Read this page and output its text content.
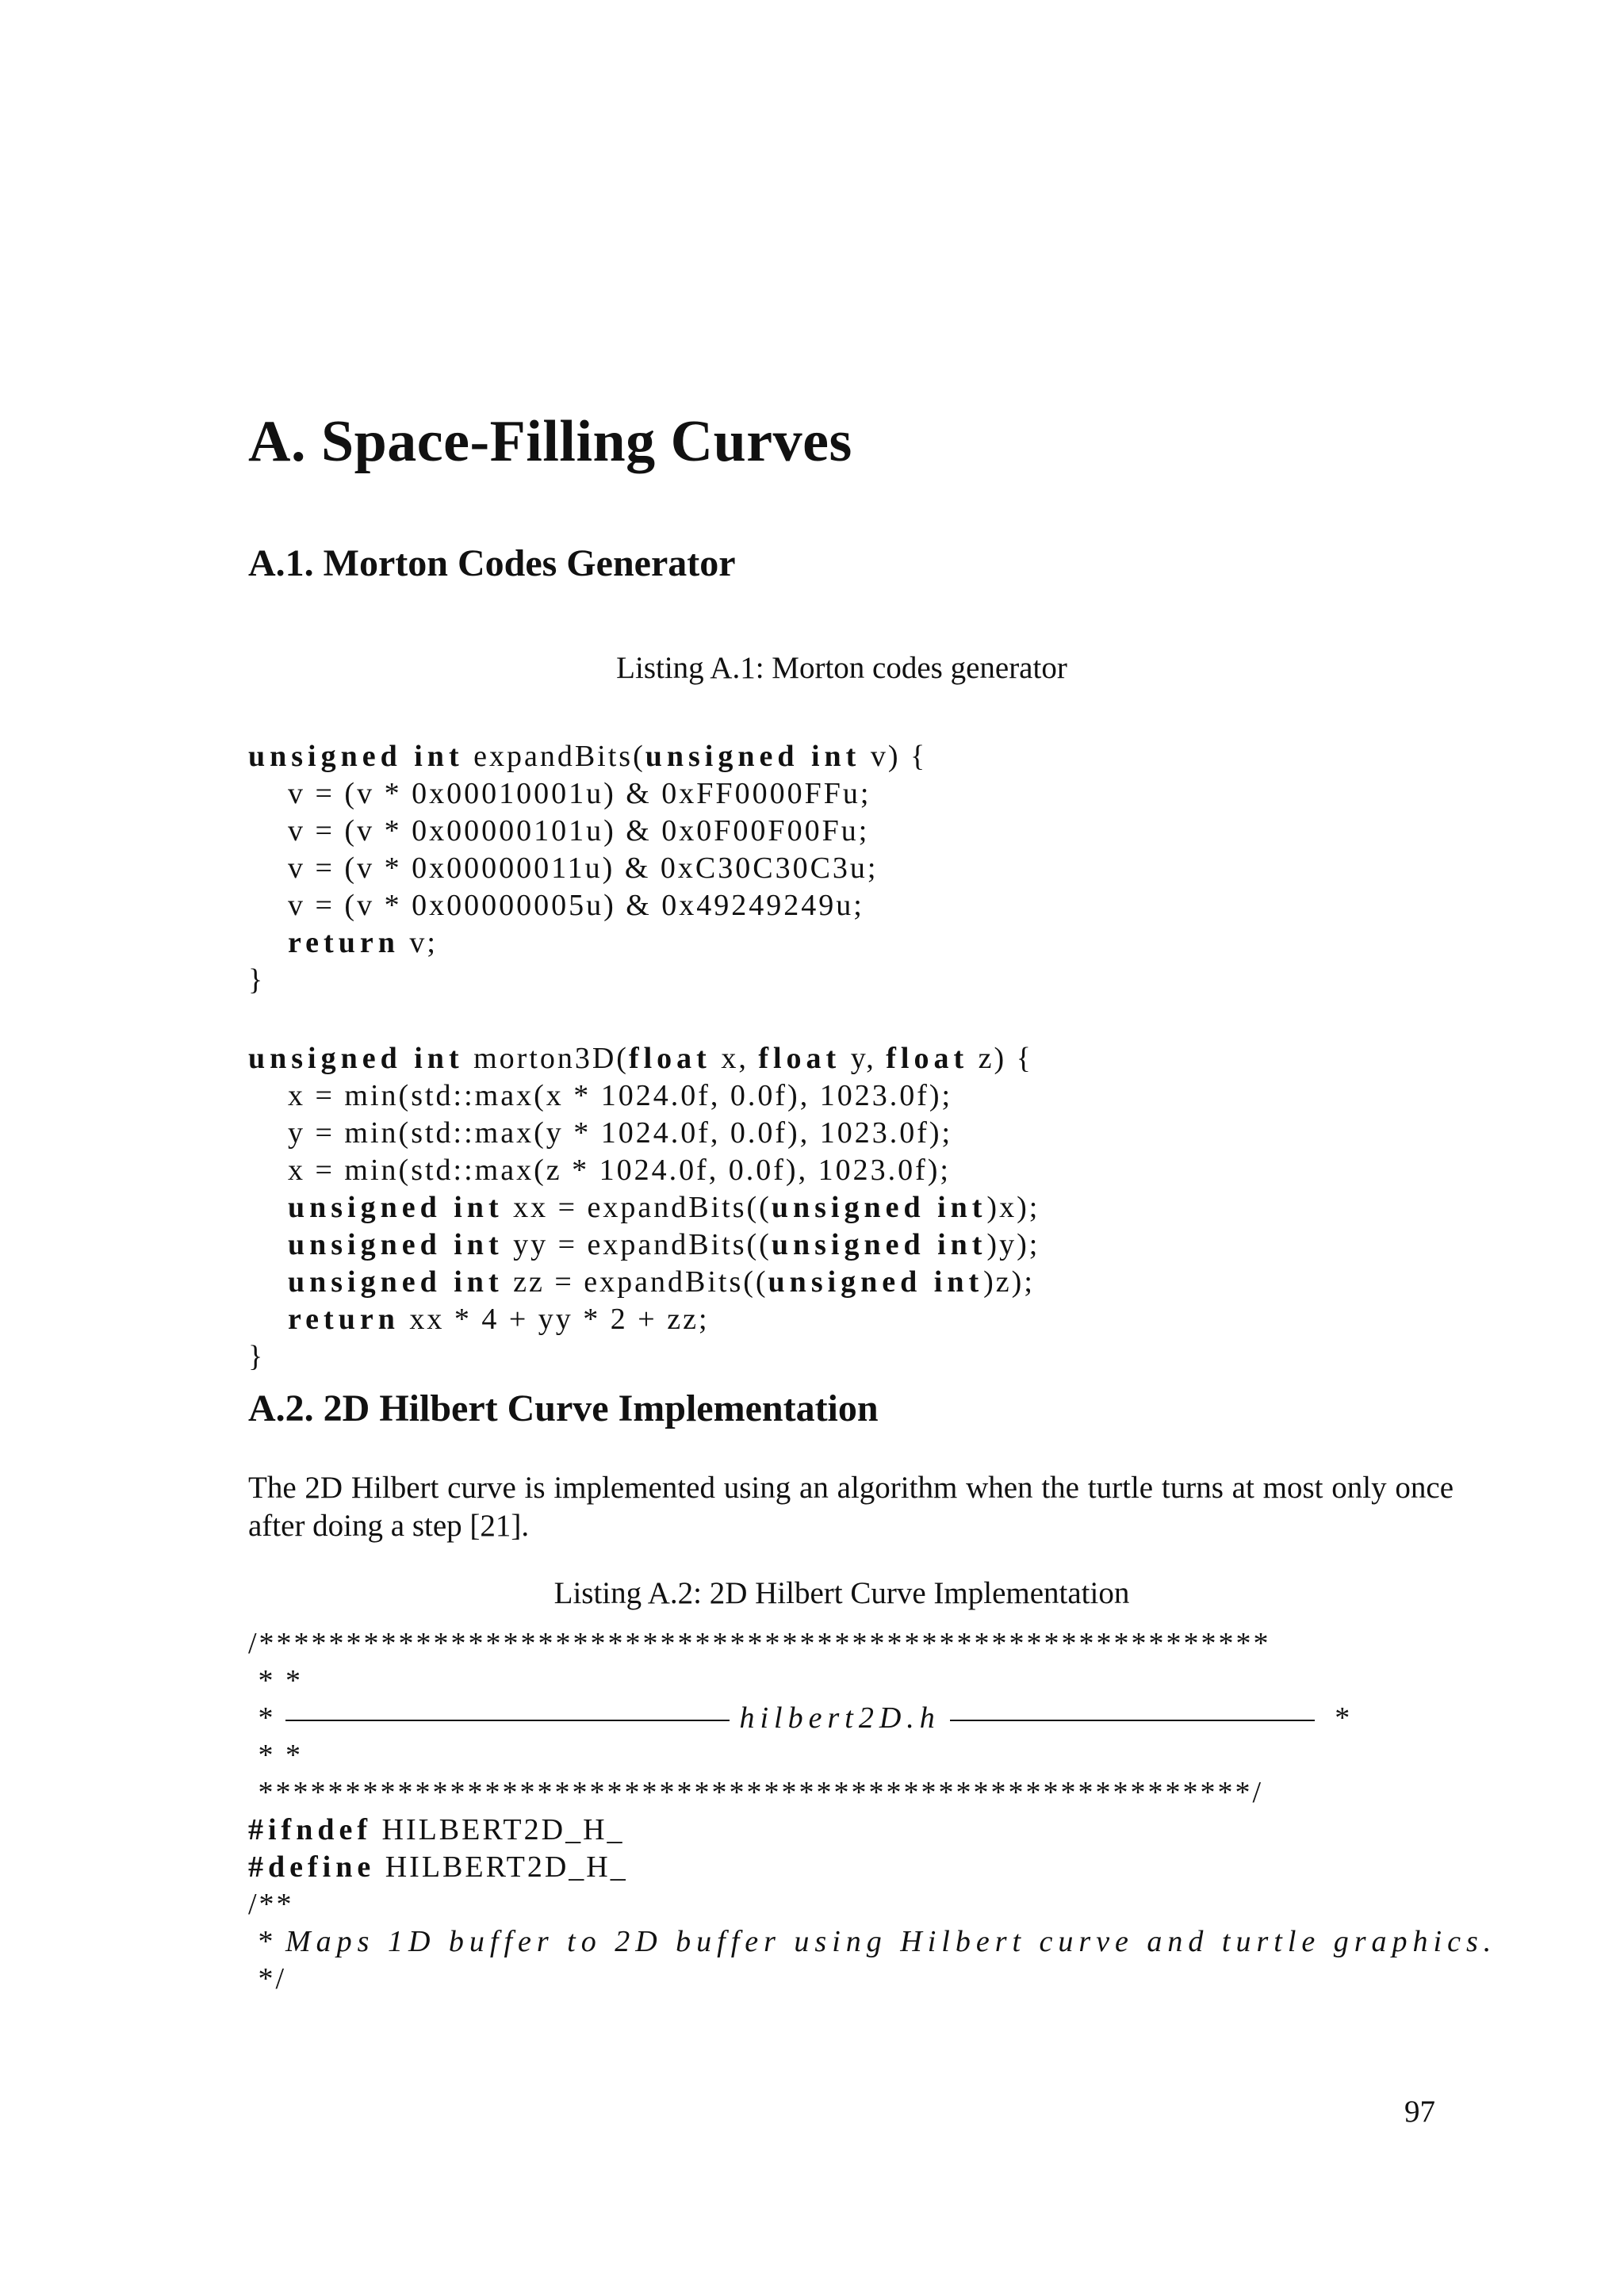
A. Space-Filling Curves
A.1. Morton Codes Generator

Listing A.1: Morton codes generator

unsigned int expandBits(unsigned int v) {
v = (v * 0x00010001u) & 0xFF0000FFu;
v = (v * 0x00000101u) & 0x0F00F00Fu;
v = (v * 0x00000011u) & 0xC30C30C3u;
v = (v * 0x00000005u) & 0x49249249u;
return v;
}
unsigned int morton3D(float x, float y, float z) {
x = min(std::max(x * 1024.0f, 0.0f), 1023.0f);
y = min(std::max(y * 1024.0f, 0.0f), 1023.0f);
x = min(std::max(z * 1024.0f, 0.0f), 1023.0f);
unsigned int xx = expandBits((unsigned int)x);
unsigned int yy = expandBits((unsigned int)y);
unsigned int zz = expandBits((unsigned int)z);
return xx * 4 + yy * 2 + zz;
}
A.2. 2D Hilbert Curve Implementation

The 2D Hilbert curve is implemented using an algorithm when the turtle turns at most only once after doing a step [21].

Listing A.2: 2D Hilbert Curve Implementation

/**********************************************************
* *
*	hilbert2D.h	*
* *
*********************************************************/
#ifndef HILBERT2D_H_
#define HILBERT2D_H_
/**
* Maps 1D buffer to 2D buffer using Hilbert curve and turtle graphics.
*/
97
